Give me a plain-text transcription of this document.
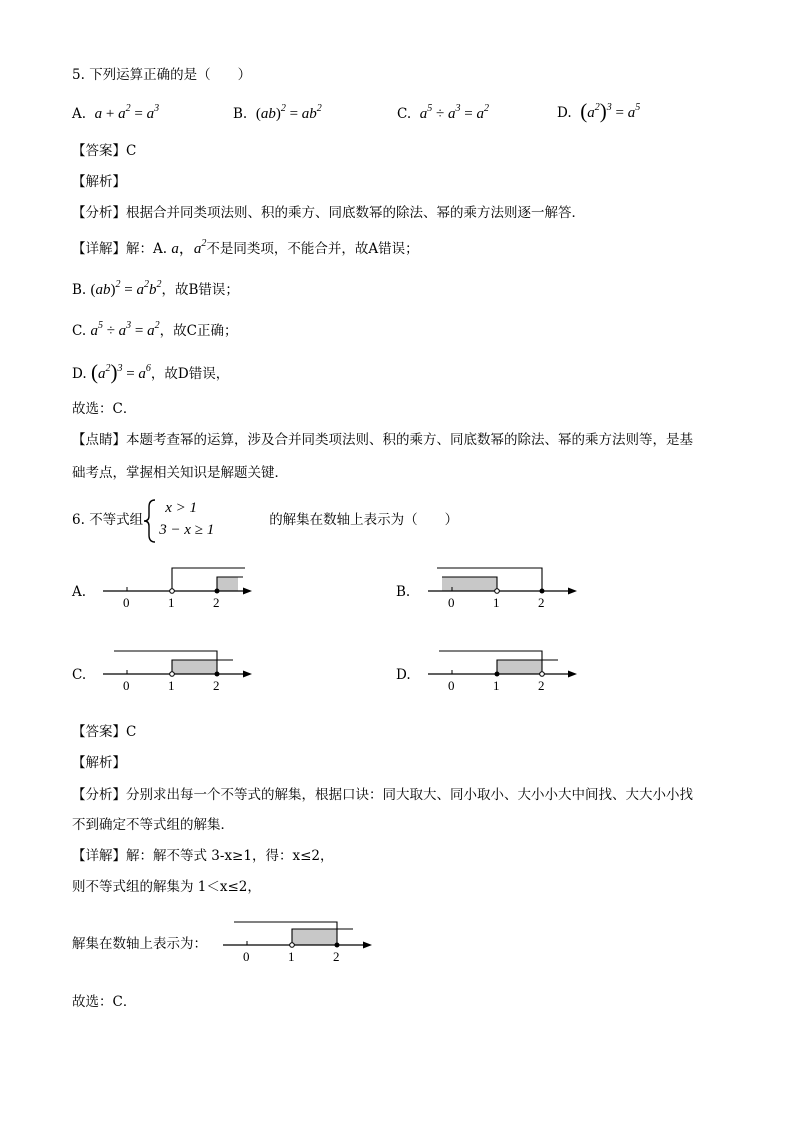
5. 下列运算正确的是（　　）
A. $a + a^2 = a^3$	B. $(ab)^2 = ab^2$	C. $a^5 \div a^3 = a^2$	D. $(a^2)^3 = a^5$
【答案】C
【解析】
【分析】根据合并同类项法则、积的乘方、同底数幂的除法、幂的乘方法则逐一解答．
【详解】解：A. a，$a^2$不是同类项，不能合并，故A错误；
B. $(ab)^2 = a^2b^2$，故B错误；
C. $a^5 \div a^3 = a^2$，故C正确；
D. $(a^2)^3 = a^6$，故D错误，
故选：C．
【点睛】本题考查幂的运算，涉及合并同类项法则、积的乘方、同底数幂的除法、幂的乘方法则等，是基
础考点，掌握相关知识是解题关键．
6. 不等式组
x > 1
3 − x ≥ 1
的解集在数轴上表示为（　　）
A.
0	1	2
B.
0	1	2
C.
0	1	2
D.
0	1	2
【答案】C
【解析】
【分析】分别求出每一个不等式的解集，根据口诀：同大取大、同小取小、大小小大中间找、大大小小找
不到确定不等式组的解集．
【详解】解：解不等式 3-x≥1，得：x≤2，
则不等式组的解集为 1＜x≤2，
解集在数轴上表示为：
0	1	2
故选：C．
